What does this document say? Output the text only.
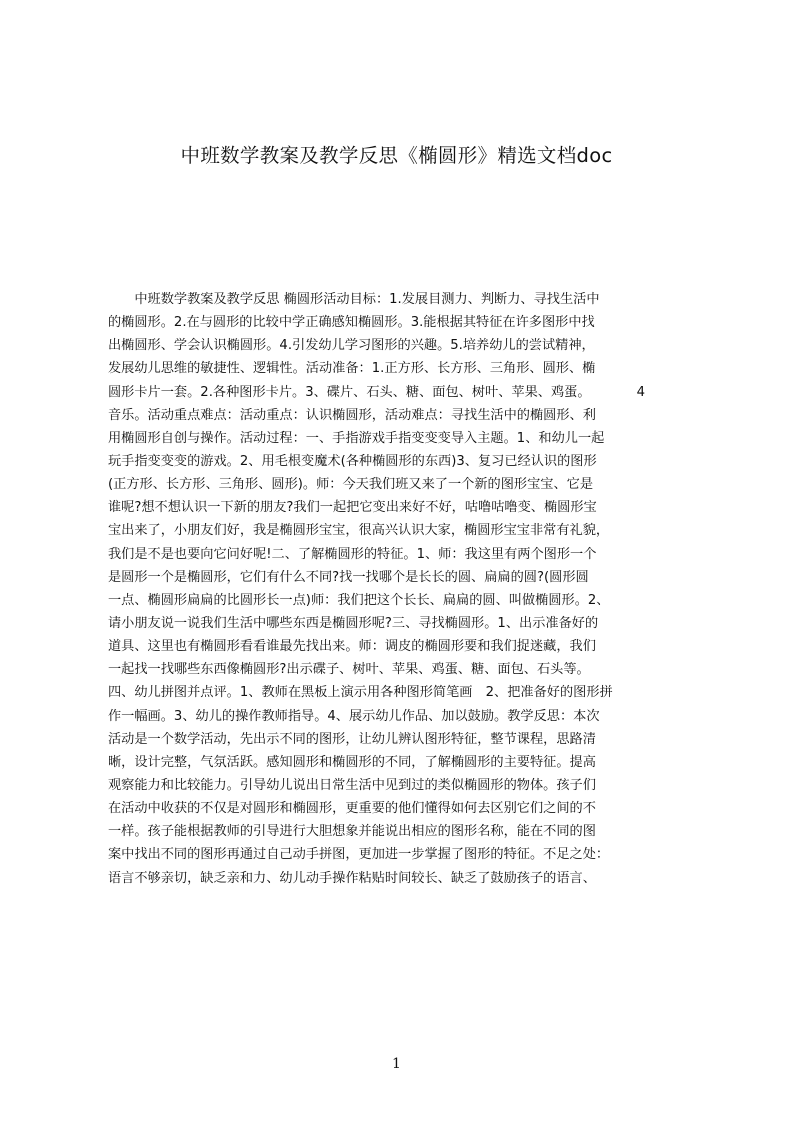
中班数学教案及教学反思《椭圆形》精选文档doc
　　中班数学教案及教学反思 椭圆形活动目标：1.发展目测力、判断力、寻找生活中
的椭圆形。2.在与圆形的比较中学正确感知椭圆形。3.能根据其特征在许多图形中找
出椭圆形、学会认识椭圆形。4.引发幼儿学习图形的兴趣。5.培养幼儿的尝试精神，
发展幼儿思维的敏捷性、逻辑性。活动准备：1.正方形、长方形、三角形、圆形、椭
圆形卡片一套。2.各种图形卡片。3、碟片、石头、糖、面包、树叶、苹果、鸡蛋。　　　　4
音乐。活动重点难点：活动重点：认识椭圆形，活动难点：寻找生活中的椭圆形、利
用椭圆形自创与操作。活动过程：一、手指游戏手指变变变导入主题。1、和幼儿一起
玩手指变变变的游戏。2、用毛根变魔术(各种椭圆形的东西)3、复习已经认识的图形
(正方形、长方形、三角形、圆形)。师：今天我们班又来了一个新的图形宝宝、它是
谁呢?想不想认识一下新的朋友?我们一起把它变出来好不好，咕噜咕噜变、椭圆形宝
宝出来了，小朋友们好，我是椭圆形宝宝，很高兴认识大家，椭圆形宝宝非常有礼貌，
我们是不是也要向它问好呢!二、了解椭圆形的特征。1、师：我这里有两个图形一个
是圆形一个是椭圆形，它们有什么不同?找一找哪个是长长的圆、扁扁的圆?(圆形圆
一点、椭圆形扁扁的比圆形长一点)师：我们把这个长长、扁扁的圆、叫做椭圆形。2、
请小朋友说一说我们生活中哪些东西是椭圆形呢?三、寻找椭圆形。1、出示准备好的
道具、这里也有椭圆形看看谁最先找出来。师：调皮的椭圆形要和我们捉迷藏，我们
一起找一找哪些东西像椭圆形?出示碟子、树叶、苹果、鸡蛋、糖、面包、石头等。
四、幼儿拼图并点评。1、教师在黑板上演示用各种图形简笔画　2、把准备好的图形拼
作一幅画。3、幼儿的操作教师指导。4、展示幼儿作品、加以鼓励。教学反思：本次
活动是一个数学活动，先出示不同的图形，让幼儿辨认图形特征，整节课程，思路清
晰，设计完整，气氛活跃。感知圆形和椭圆形的不同，了解椭圆形的主要特征。提高
观察能力和比较能力。引导幼儿说出日常生活中见到过的类似椭圆形的物体。孩子们
在活动中收获的不仅是对圆形和椭圆形，更重要的他们懂得如何去区别它们之间的不
一样。孩子能根据教师的引导进行大胆想象并能说出相应的图形名称，能在不同的图
案中找出不同的图形再通过自己动手拼图，更加进一步掌握了图形的特征。不足之处：
语言不够亲切，缺乏亲和力、幼儿动手操作粘贴时间较长、缺乏了鼓励孩子的语言、
1
